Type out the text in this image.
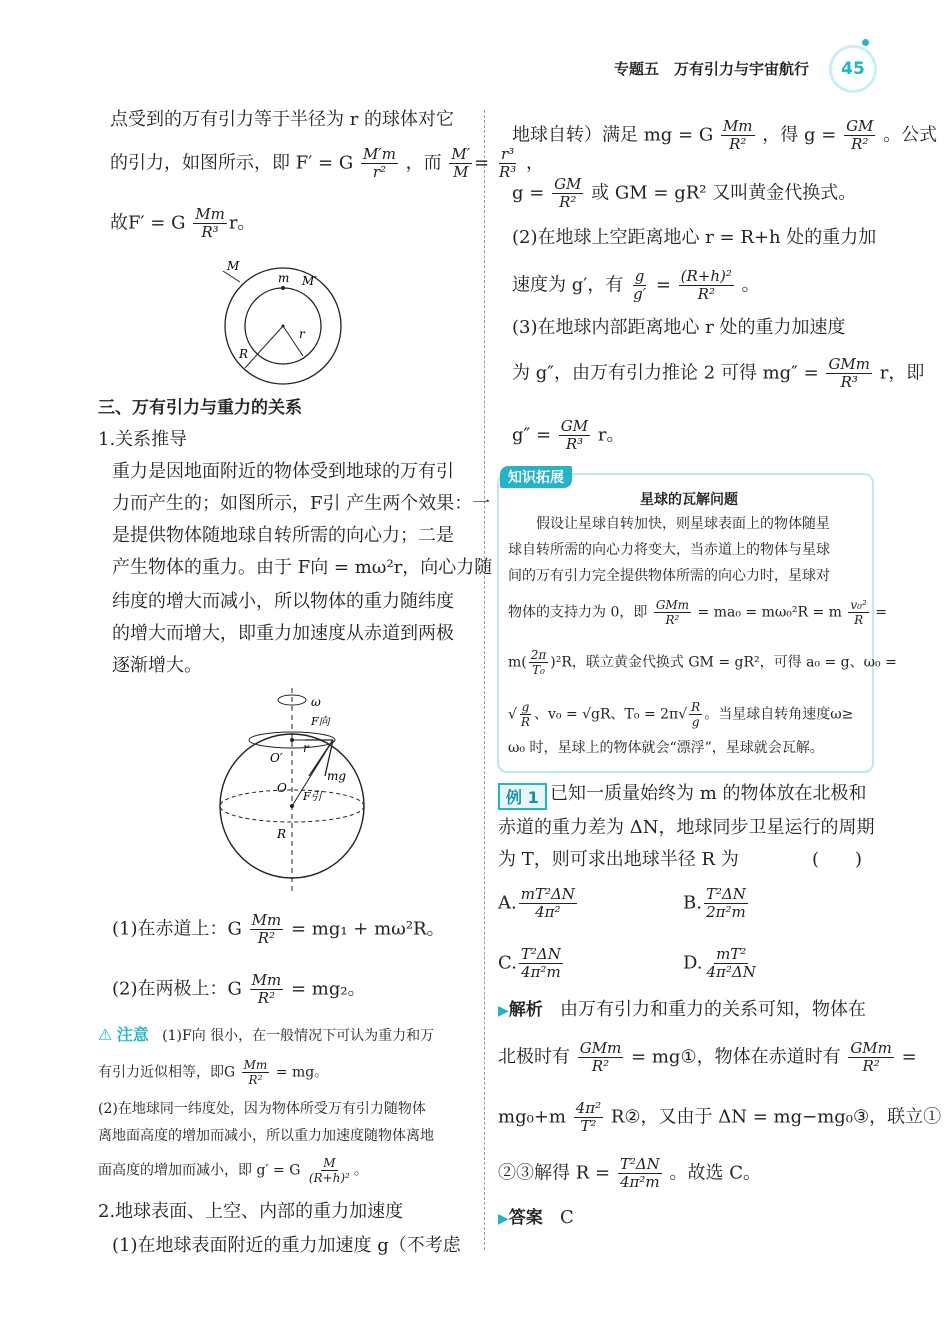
专题五　万有引力与宇宙航行	45
点受到的万有引力等于半径为 r 的球体对它
的引力，如图所示，即 F′ = G $\frac{M'm}{\text{r²}}$ ，而 $\frac{M'}{M} = \frac{\text{r³}}{\text{R³}}$ ，
故F′ = G $\frac{Mm}{\text{R³}}$ r。
M
m M′
r
R
三、万有引力与重力的关系
1.关系推导
重力是因地面附近的物体受到地球的万有引
力而产生的；如图所示，F引 产生两个效果：一
是提供物体随地球自转所需的向心力；二是
产生物体的重力。由于 F向 = mω²r，向心力随
纬度的增大而减小，所以物体的重力随纬度
的增大而增大，即重力加速度从赤道到两极
逐渐增大。
ω
F向
r
O′
mg
O
F引
R
(1)在赤道上：G $\frac{Mm}{\text{R²}} = mg_1 + m\omega^2R$。
(2)在两极上：G $\frac{Mm}{\text{R²}} = mg_2$。
⚠ 注意 (1)F向 很小，在一般情况下可认为重力和万
有引力近似相等，即G $\frac{Mm}{\text{R²}}$ = mg。
(2)在地球同一纬度处，因为物体所受万有引力随物体
离地面高度的增加而减小，所以重力加速度随物体离地
面高度的增加而减小，即 g′ = G $\frac{M}{\text{(R+h)²}}$ 。
2.地球表面、上空、内部的重力加速度
(1)在地球表面附近的重力加速度 g（不考虑
地球自转）满足 mg = G $\frac{Mm}{\text{R²}}$ ，得 $g = \frac{GM}{\text{R²}}$ 。公式
$g = \frac{GM}{\text{R²}}$ 或 GM = gR² 又叫黄金代换式。
(2)在地球上空距离地心 r = R+h 处的重力加
速度为 g′，有 $\frac{g}{g'} = \frac{\text{(R+h)²}}{\text{R²}}$ 。
(3)在地球内部距离地心 r 处的重力加速度
为 g″，由万有引力推论 2 可得 $mg'' = \frac{\text{GMm}}{\text{R³}}$ r，即
$g'' = \frac{GM}{\text{R³}}$ r。
知识拓展
星球的瓦解问题
假设让星球自转加快，则星球表面上的物体随星
球自转所需的向心力将变大，当赤道上的物体与星球
间的万有引力完全提供物体所需的向心力时，星球对
物体的支持力为 0，即 $\frac{\text{GMm}}{\text{R²}} = ma_0 = m\omega_0^2R = m \frac{\text{v₀²}}{R}$ =
$m( \frac{2\pi}{\text{T₀}} )^2R$，联立黄金代换式 GM = gR²，可得 a₀ = g、ω₀ =
√ $\frac{g}{R}$ 、v₀ = √gR、$T_0 = 2\pi√ \frac{R}{g}$ 。当星球自转角速度ω≥
ω₀ 时，星球上的物体就会“漂浮”，星球就会瓦解。
例 1 已知一质量始终为 m 的物体放在北极和
赤道的重力差为 ΔN，地球同步卫星运行的周期
为 T，则可求出地球半径 R 为	(　　)
A. $\frac{\text{mT²ΔN}}{\text{4π²}}$	B. $\frac{\text{T²ΔN}}{\text{2π²m}}$
C. $\frac{\text{T²ΔN}}{\text{4π²m}}$	D. $\frac{\text{mT²}}{\text{4π²ΔN}}$
▶解析 由万有引力和重力的关系可知，物体在
北极时有 $\frac{\text{GMm}}{\text{R²}}$ = mg①，物体在赤道时有 $\frac{\text{GMm}}{\text{R²}}$ =
$mg_0+m \frac{\text{4π²}}{\text{T²}}$ R②，又由于 ΔN = mg−mg₀③，联立①
②③解得 $R = \frac{\text{T²ΔN}}{\text{4π²m}}$ 。故选 C。
▶答案 C
